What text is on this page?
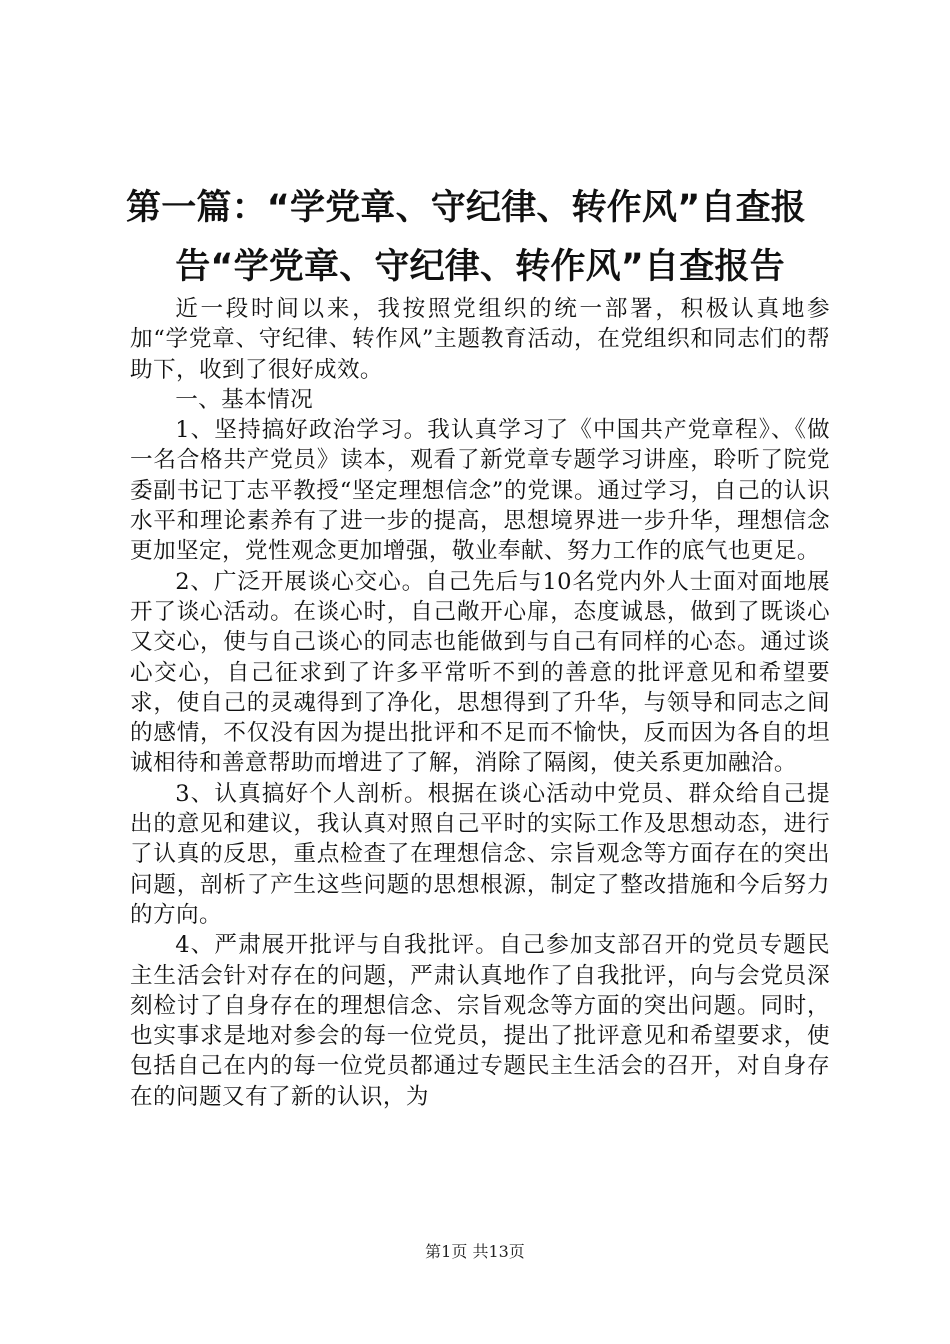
第一篇：“学党章、守纪律、转作风”自查报
告“学党章、守纪律、转作风”自查报告

近一段时间以来，我按照党组织的统一部署，积极认真地参加“学党章、守纪律、转作风”主题教育活动，在党组织和同志们的帮助下，收到了很好成效。

一、基本情况

1、坚持搞好政治学习。我认真学习了《中国共产党章程》、《做一名合格共产党员》读本，观看了新党章专题学习讲座，聆听了院党委副书记丁志平教授“坚定理想信念”的党课。通过学习，自己的认识水平和理论素养有了进一步的提高，思想境界进一步升华，理想信念更加坚定，党性观念更加增强，敬业奉献、努力工作的底气也更足。

2、广泛开展谈心交心。自己先后与10名党内外人士面对面地展开了谈心活动。在谈心时，自己敞开心扉，态度诚恳，做到了既谈心又交心，使与自己谈心的同志也能做到与自己有同样的心态。通过谈心交心，自己征求到了许多平常听不到的善意的批评意见和希望要求，使自己的灵魂得到了净化，思想得到了升华，与领导和同志之间的感情，不仅没有因为提出批评和不足而不愉快，反而因为各自的坦诚相待和善意帮助而增进了了解，消除了隔阂，使关系更加融洽。

3、认真搞好个人剖析。根据在谈心活动中党员、群众给自己提出的意见和建议，我认真对照自己平时的实际工作及思想动态，进行了认真的反思，重点检查了在理想信念、宗旨观念等方面存在的突出问题，剖析了产生这些问题的思想根源，制定了整改措施和今后努力的方向。

4、严肃展开批评与自我批评。自己参加支部召开的党员专题民主生活会针对存在的问题，严肃认真地作了自我批评，向与会党员深刻检讨了自身存在的理想信念、宗旨观念等方面的突出问题。同时，也实事求是地对参会的每一位党员，提出了批评意见和希望要求，使包括自己在内的每一位党员都通过专题民主生活会的召开，对自身存在的问题又有了新的认识，为

第1页 共13页
